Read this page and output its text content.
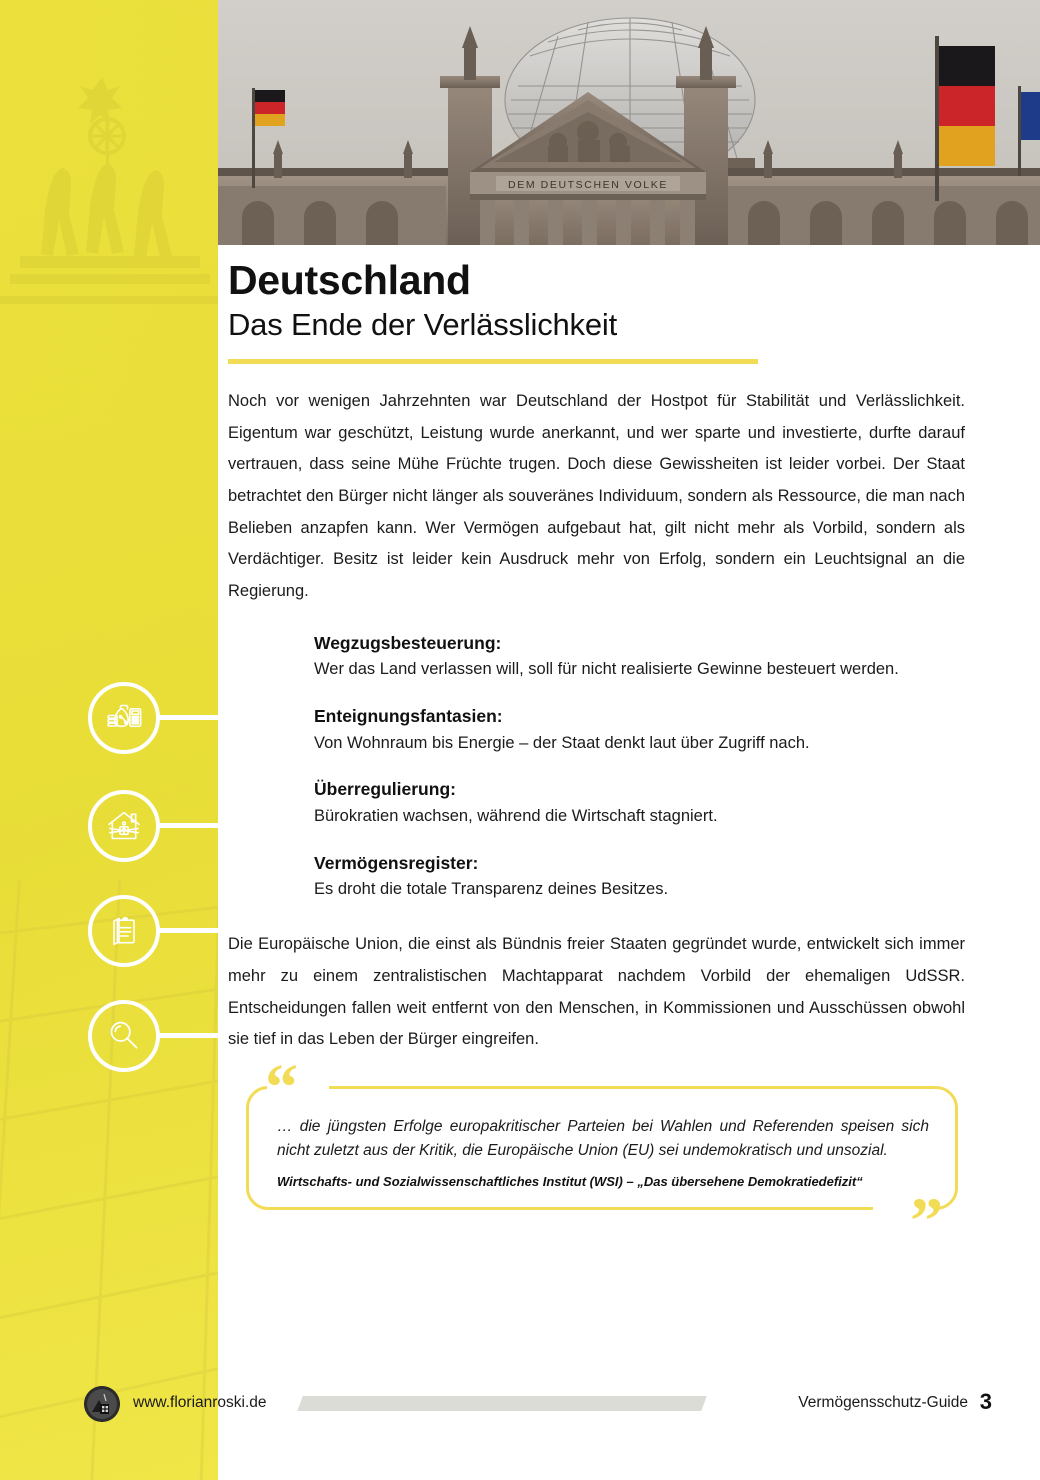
DEM DEUTSCHEN VOLKE
Deutschland
Das Ende der Verlässlichkeit

Noch vor wenigen Jahrzehnten war Deutschland der Hostpot für Stabilität und Verlässlichkeit. Eigentum war geschützt, Leistung wurde anerkannt, und wer sparte und investierte, durfte darauf vertrauen, dass seine Mühe Früchte trugen. Doch diese Gewissheiten ist leider vorbei. Der Staat betrachtet den Bürger nicht länger als souveränes Individuum, sondern als Ressource, die man nach Belieben anzapfen kann. Wer Vermögen aufgebaut hat, gilt nicht mehr als Vorbild, sondern als Verdächtiger. Besitz ist leider kein Ausdruck mehr von Erfolg, sondern ein Leuchtsignal an die Regierung.

Wegzugsbesteuerung:

Wer das Land verlassen will, soll für nicht realisierte Gewinne besteuert werden.

Enteignungsfantasien:

Von Wohnraum bis Energie – der Staat denkt laut über Zugriff nach.

Überregulierung:

Bürokratien wachsen, während die Wirtschaft stagniert.

Vermögensregister:

Es droht die totale Transparenz deines Besitzes.

Die Europäische Union, die einst als Bündnis freier Staaten gegründet wurde, entwickelt sich immer mehr zu einem zentralistischen Machtapparat nachdem Vorbild der ehemaligen UdSSR. Entscheidungen fallen weit entfernt von den Menschen, in Kommissionen und Ausschüssen obwohl sie tief in das Leben der Bürger eingreifen.

“
”

… die jüngsten Erfolge europakritischer Parteien bei Wahlen und Referenden speisen sich nicht zuletzt aus der Kritik, die Europäische Union (EU) sei undemokratisch und unsozial.

Wirtschafts- und Sozialwissenschaftliches Institut (WSI) – „Das übersehene Demokratiedefizit“

www.florianroski.de	Vermögensschutz-Guide 3
